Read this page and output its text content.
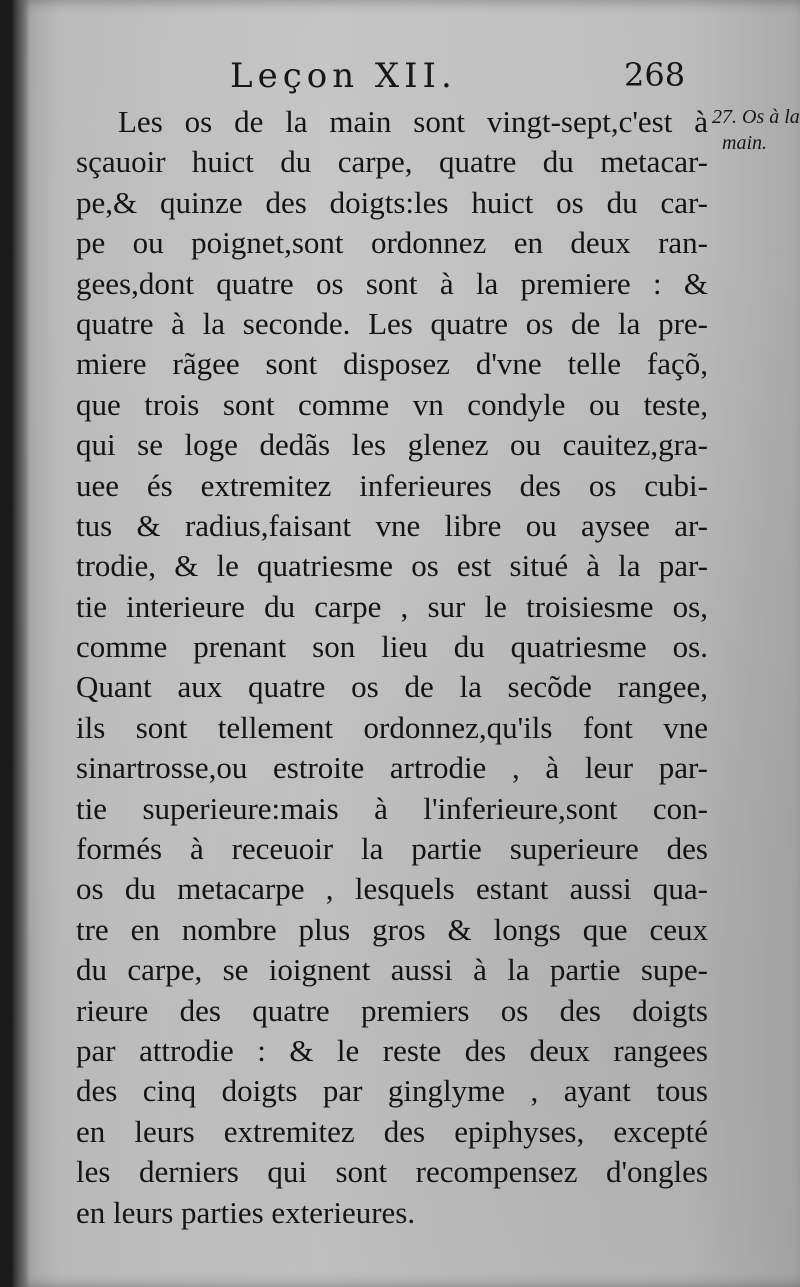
Leçon XII.	268
Les os de la main sont vingt-sept,c'est à
sçauoir huict du carpe, quatre du metacar-
pe,& quinze des doigts:les huict os du car-
pe ou poignet,sont ordonnez en deux ran-
gees,dont quatre os sont à la premiere : &
quatre à la seconde. Les quatre os de la pre-
miere rãgee sont disposez d'vne telle façõ,
que trois sont comme vn condyle ou teste,
qui se loge dedãs les glenez ou cauitez,gra-
uee és extremitez inferieures des os cubi-
tus & radius,faisant vne libre ou aysee ar-
trodie, & le quatriesme os est situé à la par-
tie interieure du carpe , sur le troisiesme os,
comme prenant son lieu du quatriesme os.
Quant aux quatre os de la secõde rangee,
ils sont tellement ordonnez,qu'ils font vne
sinartrosse,ou estroite artrodie , à leur par-
tie superieure:mais à l'inferieure,sont con-
formés à receuoir la partie superieure des
os du metacarpe , lesquels estant aussi qua-
tre en nombre plus gros & longs que ceux
du carpe, se ioignent aussi à la partie supe-
rieure des quatre premiers os des doigts
par attrodie : & le reste des deux rangees
des cinq doigts par ginglyme , ayant tous
en leurs extremitez des epiphyses, excepté
les derniers qui sont recompensez d'ongles
en leurs parties exterieures.
27. Os à la
main.
